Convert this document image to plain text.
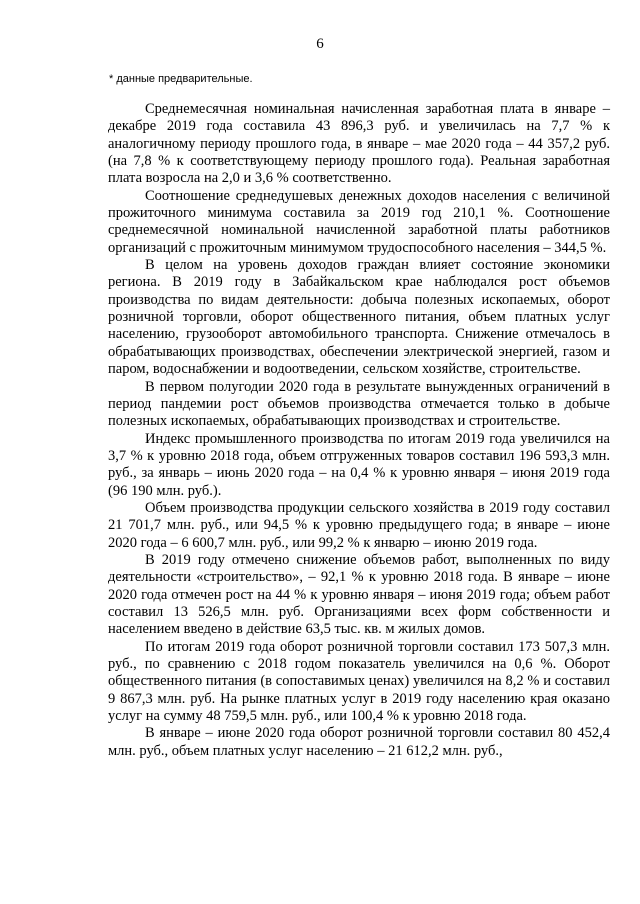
6
* данные предварительные.

Среднемесячная номинальная начисленная заработная плата в январе – декабре 2019 года составила 43 896,3 руб. и увеличилась на 7,7 % к аналогичному периоду прошлого года, в январе – мае 2020 года – 44 357,2 руб. (на 7,8 % к соответствующему периоду прошлого года). Реальная заработная плата возросла на 2,0 и 3,6 % соответственно.

Соотношение среднедушевых денежных доходов населения с величиной прожиточного минимума составила за 2019 год 210,1 %. Соотношение среднемесячной номинальной начисленной заработной платы работников организаций с прожиточным минимумом трудоспособного населения – 344,5 %.

В целом на уровень доходов граждан влияет состояние экономики региона. В 2019 году в Забайкальском крае наблюдался рост объемов производства по видам деятельности: добыча полезных ископаемых, оборот розничной торговли, оборот общественного питания, объем платных услуг населению, грузооборот автомобильного транспорта. Снижение отмечалось в обрабатывающих производствах, обеспечении электрической энергией, газом и паром, водоснабжении и водоотведении, сельском хозяйстве, строительстве.

В первом полугодии 2020 года в результате вынужденных ограничений в период пандемии рост объемов производства отмечается только в добыче полезных ископаемых, обрабатывающих производствах и строительстве.

Индекс промышленного производства по итогам 2019 года увеличился на 3,7 % к уровню 2018 года, объем отгруженных товаров составил 196 593,3 млн. руб., за январь – июнь 2020 года – на 0,4 % к уровню января – июня 2019 года (96 190 млн. руб.).

Объем производства продукции сельского хозяйства в 2019 году составил 21 701,7 млн. руб., или 94,5 % к уровню предыдущего года; в январе – июне 2020 года – 6 600,7 млн. руб., или 99,2 % к январю – июню 2019 года.

В 2019 году отмечено снижение объемов работ, выполненных по виду деятельности «строительство», – 92,1 % к уровню 2018 года. В январе – июне 2020 года отмечен рост на 44 % к уровню января – июня 2019 года; объем работ составил 13 526,5 млн. руб. Организациями всех форм собственности и населением введено в действие 63,5 тыс. кв. м жилых домов.

По итогам 2019 года оборот розничной торговли составил 173 507,3 млн. руб., по сравнению с 2018 годом показатель увеличился на 0,6 %. Оборот общественного питания (в сопоставимых ценах) увеличился на 8,2 % и составил 9 867,3 млн. руб. На рынке платных услуг в 2019 году населению края оказано услуг на сумму 48 759,5 млн. руб., или 100,4 % к уровню 2018 года.

В январе – июне 2020 года оборот розничной торговли составил 80 452,4 млн. руб., объем платных услуг населению – 21 612,2 млн. руб.,
